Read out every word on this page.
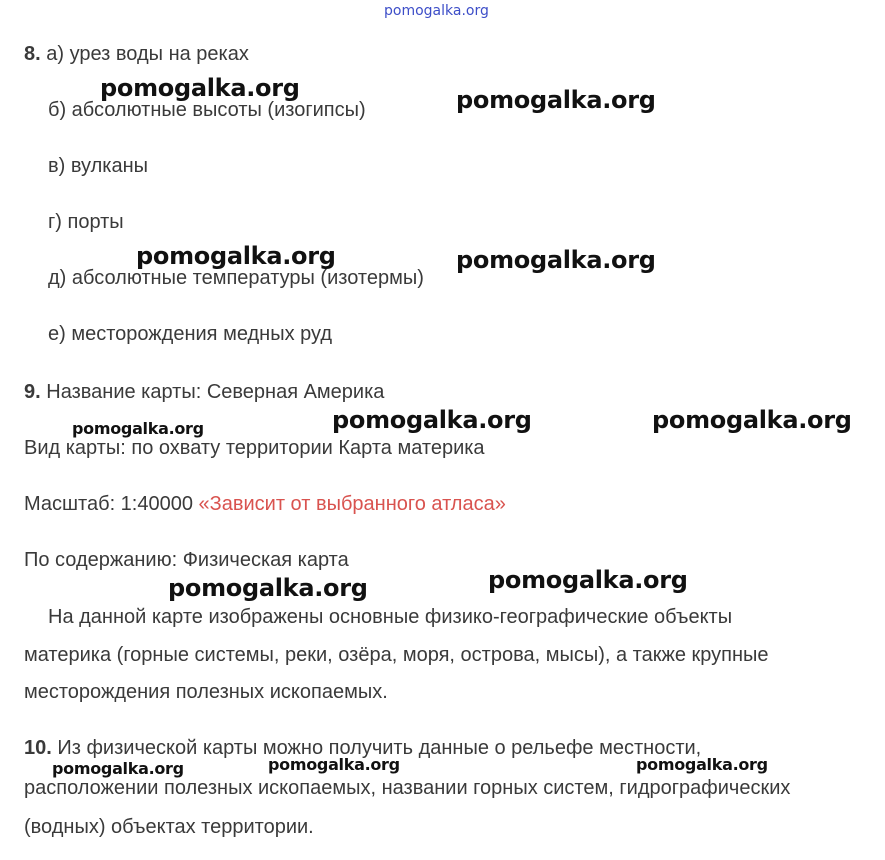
pomogalka.org
8. а) урез воды на реках
б) абсолютные высоты (изогипсы)
в) вулканы
г) порты
д) абсолютные температуры (изотермы)
е) месторождения медных руд
9. Название карты: Северная Америка
Вид карты: по охвату территории Карта материка
Масштаб: 1:40000 «Зависит от выбранного атласа»
По содержанию: Физическая карта
На данной карте изображены основные физико-географические объекты
материка (горные системы, реки, озёра, моря, острова, мысы), а также крупные
месторождения полезных ископаемых.
10. Из физической карты можно получить данные о рельефе местности,
расположении полезных ископаемых, названии горных систем, гидрографических
(водных) объектах территории.
pomogalka.org	pomogalka.org
pomogalka.org	pomogalka.org
pomogalka.org	pomogalka.org	pomogalka.org
pomogalka.org	pomogalka.org
pomogalka.org	pomogalka.org	pomogalka.org
